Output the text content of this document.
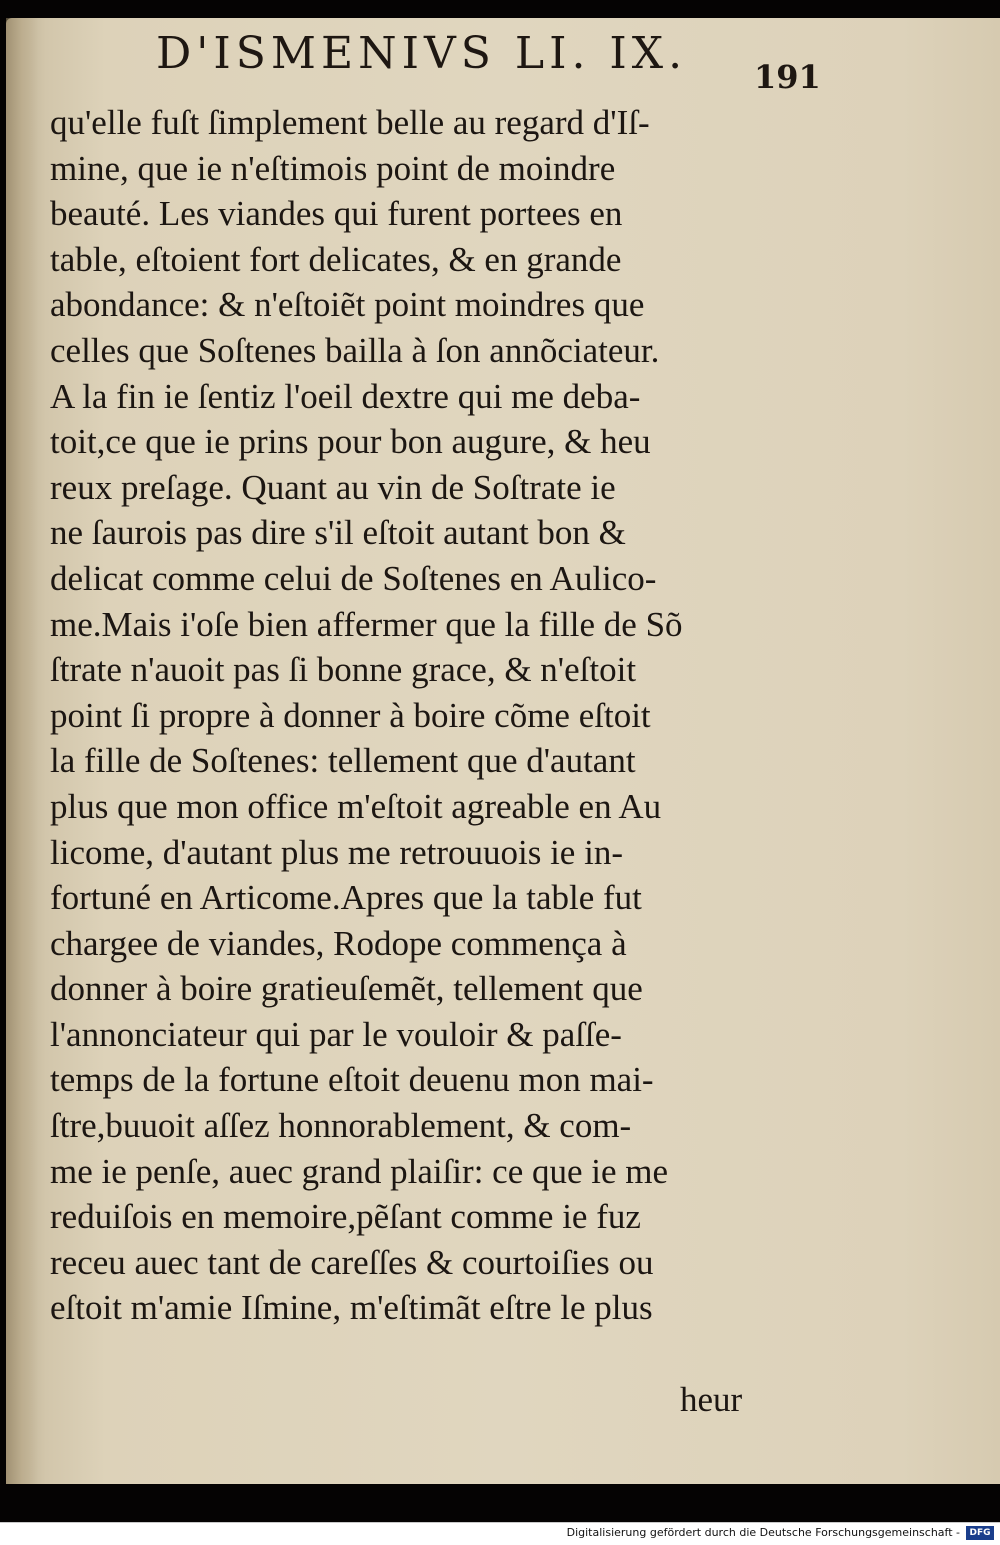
D'ISMENIVS LI. IX. 191
qu'elle fuſt ſimplement belle au regard d'Iſ-
mine, que ie n'eſtimois point de moindre
beauté. Les viandes qui furent portees en
table, eſtoient fort delicates, & en grande
abondance: & n'eſtoiẽt point moindres que
celles que Soſtenes bailla à ſon annõciateur.
A la fin ie ſentiz l'oeil dextre qui me deba-
toit,ce que ie prins pour bon augure, & heu
reux preſage. Quant au vin de Soſtrate ie
ne ſaurois pas dire s'il eſtoit autant bon &
delicat comme celui de Soſtenes en Aulico-
me.Mais i'oſe bien affermer que la fille de Sõ
ſtrate n'auoit pas ſi bonne grace, & n'eſtoit
point ſi propre à donner à boire cõme eſtoit
la fille de Soſtenes: tellement que d'autant
plus que mon office m'eſtoit agreable en Au
licome, d'autant plus me retrouuois ie in-
fortuné en Articome.Apres que la table fut
chargee de viandes, Rodope commença à
donner à boire gratieuſemẽt, tellement que
l'annonciateur qui par le vouloir & paſſe-
temps de la fortune eſtoit deuenu mon mai-
ſtre,buuoit aſſez honnorablement, & com-
me ie penſe, auec grand plaiſir: ce que ie me
reduiſois en memoire,pẽſant comme ie fuz
receu auec tant de careſſes & courtoiſies ou
eſtoit m'amie Iſmine, m'eſtimãt eſtre le plus
heur
Digitalisierung gefördert durch die Deutsche Forschungsgemeinschaft -	DFG
